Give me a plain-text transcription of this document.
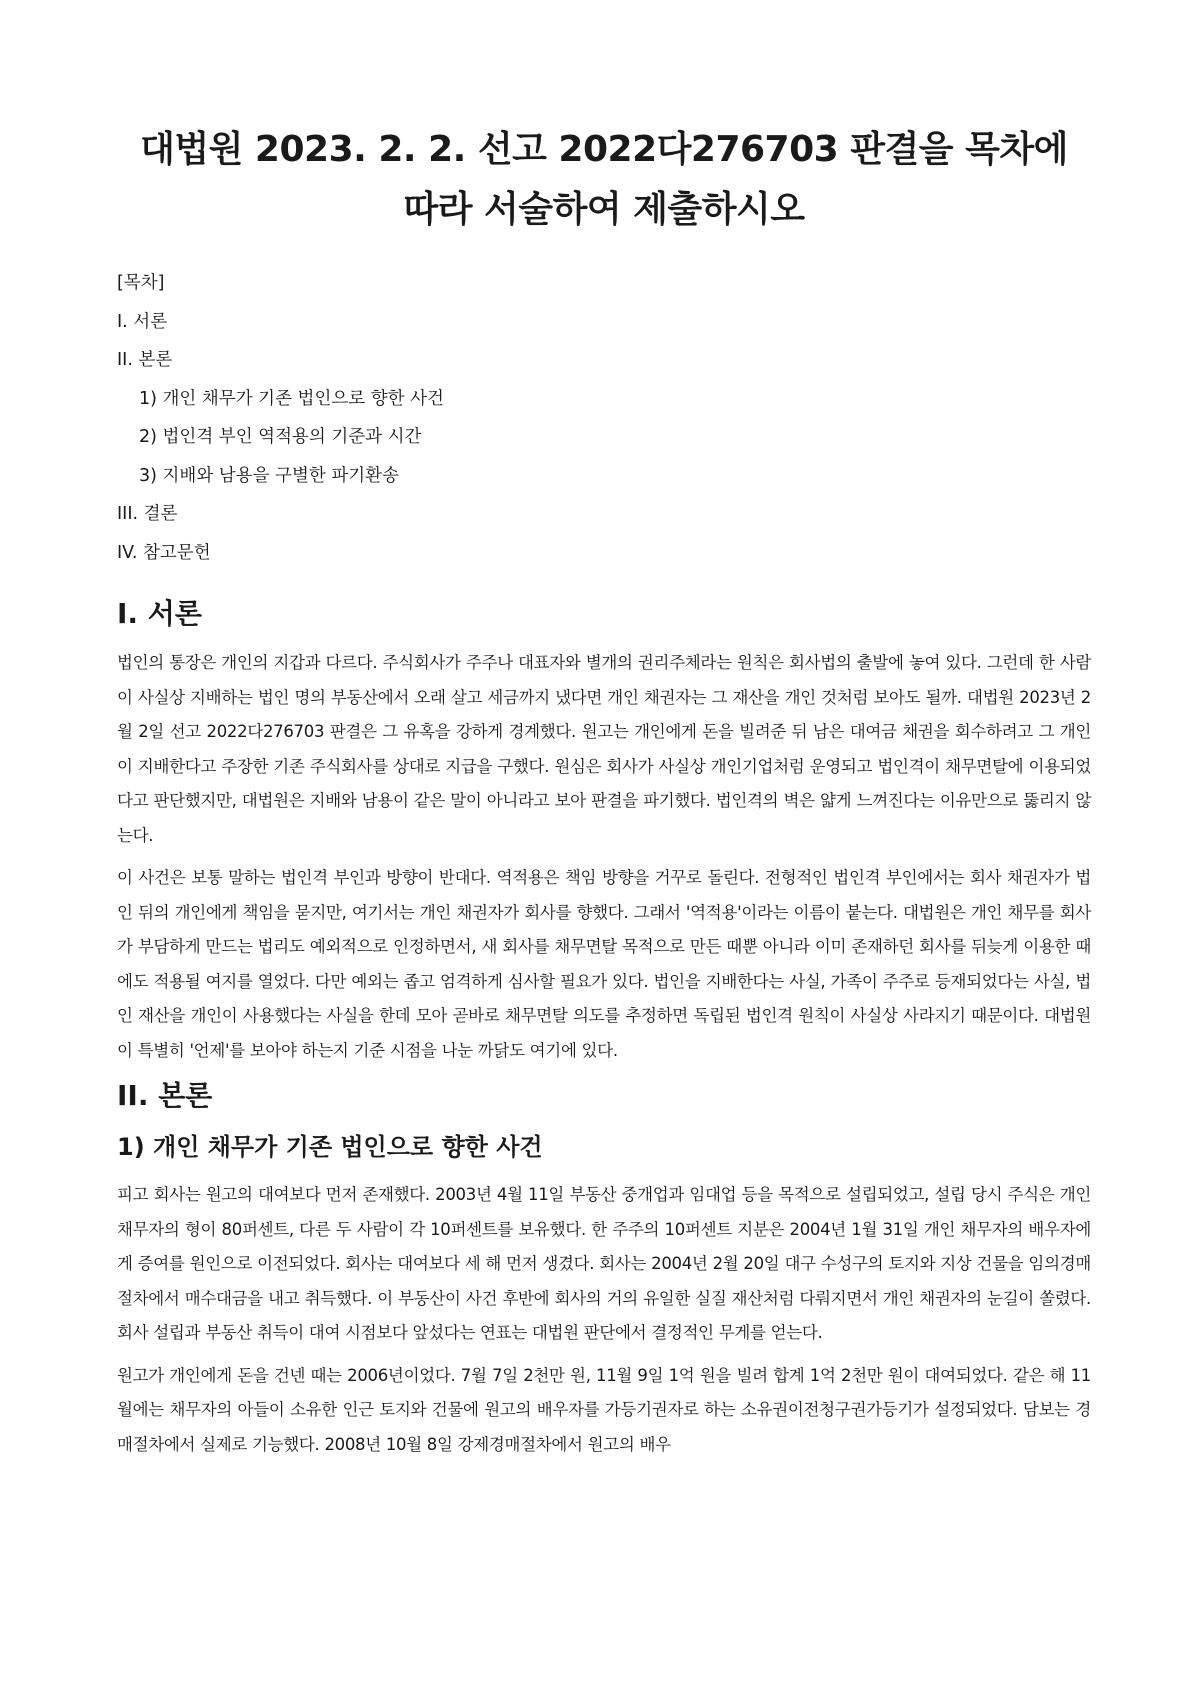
대법원 2023. 2. 2. 선고 2022다276703 판결을 목차에 따라 서술하여 제출하시오

[목차]

I. 서론

II. 본론

1) 개인 채무가 기존 법인으로 향한 사건

2) 법인격 부인 역적용의 기준과 시간

3) 지배와 남용을 구별한 파기환송

III. 결론

IV. 참고문헌

I. 서론

법인의 통장은 개인의 지갑과 다르다. 주식회사가 주주나 대표자와 별개의 권리주체라는 원칙은 회사법의 출발에 놓여 있다. 그런데 한 사람이 사실상 지배하는 법인 명의 부동산에서 오래 살고 세금까지 냈다면 개인 채권자는 그 재산을 개인 것처럼 보아도 될까. 대법원 2023년 2월 2일 선고 2022다276703 판결은 그 유혹을 강하게 경계했다. 원고는 개인에게 돈을 빌려준 뒤 남은 대여금 채권을 회수하려고 그 개인이 지배한다고 주장한 기존 주식회사를 상대로 지급을 구했다. 원심은 회사가 사실상 개인기업처럼 운영되고 법인격이 채무면탈에 이용되었다고 판단했지만, 대법원은 지배와 남용이 같은 말이 아니라고 보아 판결을 파기했다. 법인격의 벽은 얇게 느껴진다는 이유만으로 뚫리지 않는다.

이 사건은 보통 말하는 법인격 부인과 방향이 반대다. 역적용은 책임 방향을 거꾸로 돌린다. 전형적인 법인격 부인에서는 회사 채권자가 법인 뒤의 개인에게 책임을 묻지만, 여기서는 개인 채권자가 회사를 향했다. 그래서 '역적용'이라는 이름이 붙는다. 대법원은 개인 채무를 회사가 부담하게 만드는 법리도 예외적으로 인정하면서, 새 회사를 채무면탈 목적으로 만든 때뿐 아니라 이미 존재하던 회사를 뒤늦게 이용한 때에도 적용될 여지를 열었다. 다만 예외는 좁고 엄격하게 심사할 필요가 있다. 법인을 지배한다는 사실, 가족이 주주로 등재되었다는 사실, 법인 재산을 개인이 사용했다는 사실을 한데 모아 곧바로 채무면탈 의도를 추정하면 독립된 법인격 원칙이 사실상 사라지기 때문이다. 대법원이 특별히 '언제'를 보아야 하는지 기준 시점을 나눈 까닭도 여기에 있다.

II. 본론
1) 개인 채무가 기존 법인으로 향한 사건

피고 회사는 원고의 대여보다 먼저 존재했다. 2003년 4월 11일 부동산 중개업과 임대업 등을 목적으로 설립되었고, 설립 당시 주식은 개인 채무자의 형이 80퍼센트, 다른 두 사람이 각 10퍼센트를 보유했다. 한 주주의 10퍼센트 지분은 2004년 1월 31일 개인 채무자의 배우자에게 증여를 원인으로 이전되었다. 회사는 대여보다 세 해 먼저 생겼다. 회사는 2004년 2월 20일 대구 수성구의 토지와 지상 건물을 임의경매절차에서 매수대금을 내고 취득했다. 이 부동산이 사건 후반에 회사의 거의 유일한 실질 재산처럼 다뤄지면서 개인 채권자의 눈길이 쏠렸다. 회사 설립과 부동산 취득이 대여 시점보다 앞섰다는 연표는 대법원 판단에서 결정적인 무게를 얻는다.

원고가 개인에게 돈을 건넨 때는 2006년이었다. 7월 7일 2천만 원, 11월 9일 1억 원을 빌려 합계 1억 2천만 원이 대여되었다. 같은 해 11월에는 채무자의 아들이 소유한 인근 토지와 건물에 원고의 배우자를 가등기권자로 하는 소유권이전청구권가등기가 설정되었다. 담보는 경매절차에서 실제로 기능했다. 2008년 10월 8일 강제경매절차에서 원고의 배우
